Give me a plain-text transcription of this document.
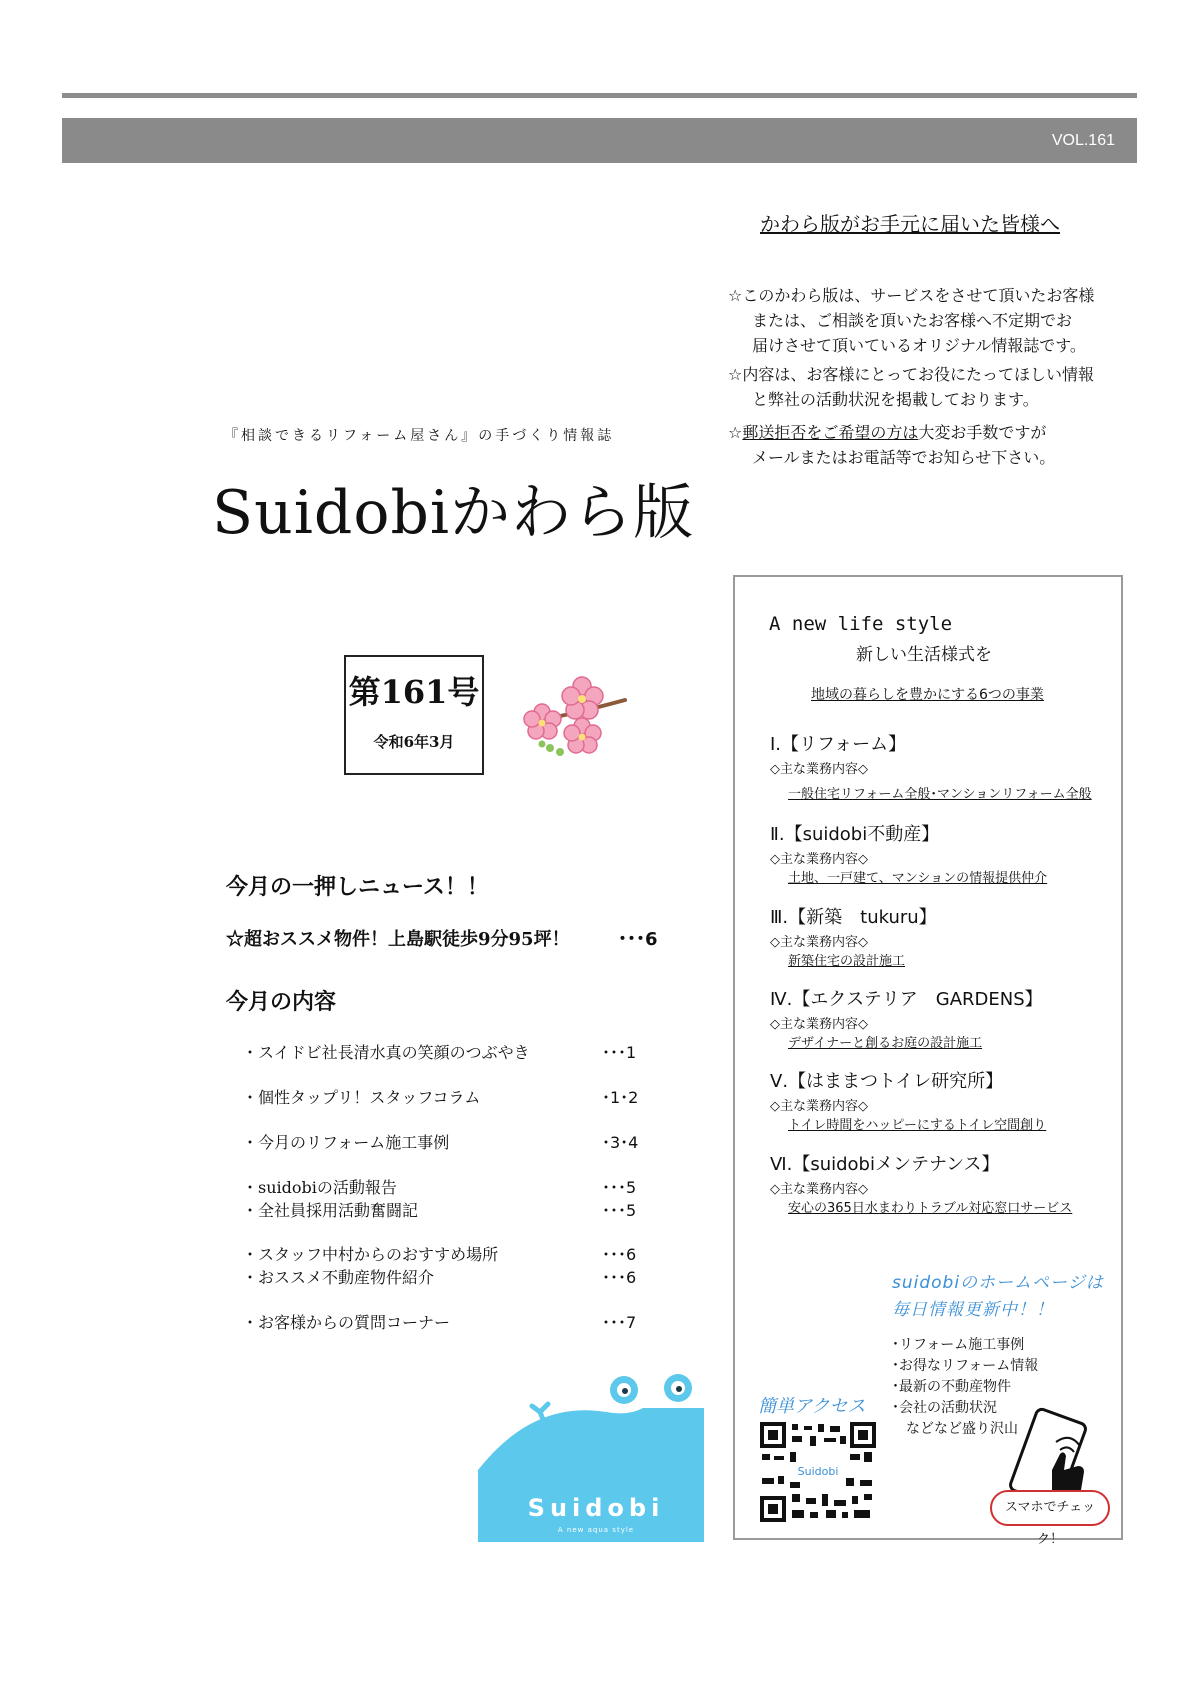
VOL.161
かわら版がお手元に届いた皆様へ
☆このかわら版は、サービスをさせて頂いたお客様
または、ご相談を頂いたお客様へ不定期でお
届けさせて頂いているオリジナル情報誌です。
☆内容は、お客様にとってお役にたってほしい情報
と弊社の活動状況を掲載しております。
☆郵送拒否をご希望の方は大変お手数ですが
メールまたはお電話等でお知らせ下さい。
『相談できるリフォーム屋さん』の手づくり情報誌
Suidobiかわら版
第161号
令和6年3月
今月の一押しニュース！！
☆超おススメ物件！上島駅徒歩9分95坪！	･･･6
今月の内容
・スイドビ社長清水真の笑顔のつぶやき	･･･1
・個性タップリ！スタッフコラム	･1･2
・今月のリフォーム施工事例	･3･4
・suidobiの活動報告	･･･5
・全社員採用活動奮闘記	･･･5
・スタッフ中村からのおすすめ場所	･･･6
・おススメ不動産物件紹介	･･･6
・お客様からの質問コーナー	･･･7
Suidobi
A new aqua style
A new life style
新しい生活様式を
地域の暮らしを豊かにする6つの事業
Ⅰ.【リフォーム】
◇主な業務内容◇
一般住宅リフォーム全般･マンションリフォーム全般
Ⅱ.【suidobi不動産】
◇主な業務内容◇
土地、一戸建て、マンションの情報提供仲介
Ⅲ.【新築　tukuru】
◇主な業務内容◇
新築住宅の設計施工
Ⅳ.【エクステリア　GARDENS】
◇主な業務内容◇
デザイナーと創るお庭の設計施工
Ⅴ.【はままつトイレ研究所】
◇主な業務内容◇
トイレ時間をハッピーにするトイレ空間創り
Ⅵ.【suidobiメンテナンス】
◇主な業務内容◇
安心の365日水まわりトラブル対応窓口サービス
suidobiのホームページは
毎日情報更新中！！
･リフォーム施工事例
･お得なリフォーム情報
･最新の不動産物件
･会社の活動状況
　などなど盛り沢山
簡単アクセス
Suidobi
スマホでチェック！
